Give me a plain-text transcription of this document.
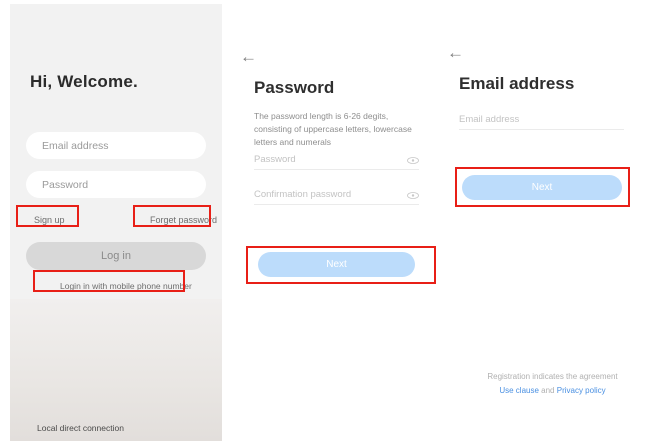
Hi, Welcome.
Email address
Password
Sign up	Forget password
Log in
Login in with mobile phone number
Local direct connection
←
Password
The password length is 6-26 degits, consisting of uppercase letters, lowercase letters and numerals
Password
Confirmation password
Next
←
Email address
Email address
Next
Registration indicates the agreement
Use clause and Privacy policy
